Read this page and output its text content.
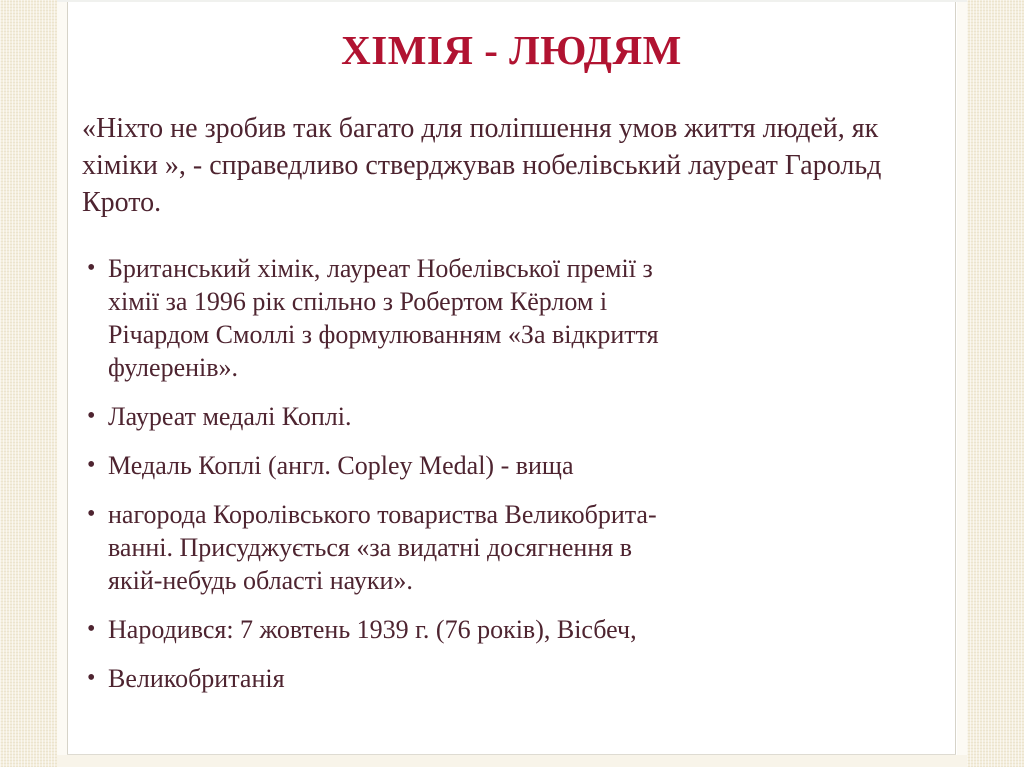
ХІМІЯ - ЛЮДЯМ

«Ніхто не зробив так багато для поліпшення умов життя людей, як хіміки », - справедливо стверджував нобелівський лауреат Гарольд Крото.

• Британський хімік, лауреат Нобелівської премії з хімії за 1996 рік спільно з Робертом Кёрлом і Річардом Смоллі з формулюванням «За відкриття фулеренів».
• Лауреат медалі Коплі.
• Медаль Коплі (англ. Copley Medal) - вища
• нагорода Королівського товариства Великобрита-ванні. Присуджується «за видатні досягнення в якій-небудь області науки».
• Народився: 7 жовтень 1939 г. (76 років), Вісбеч,
• Великобританія
